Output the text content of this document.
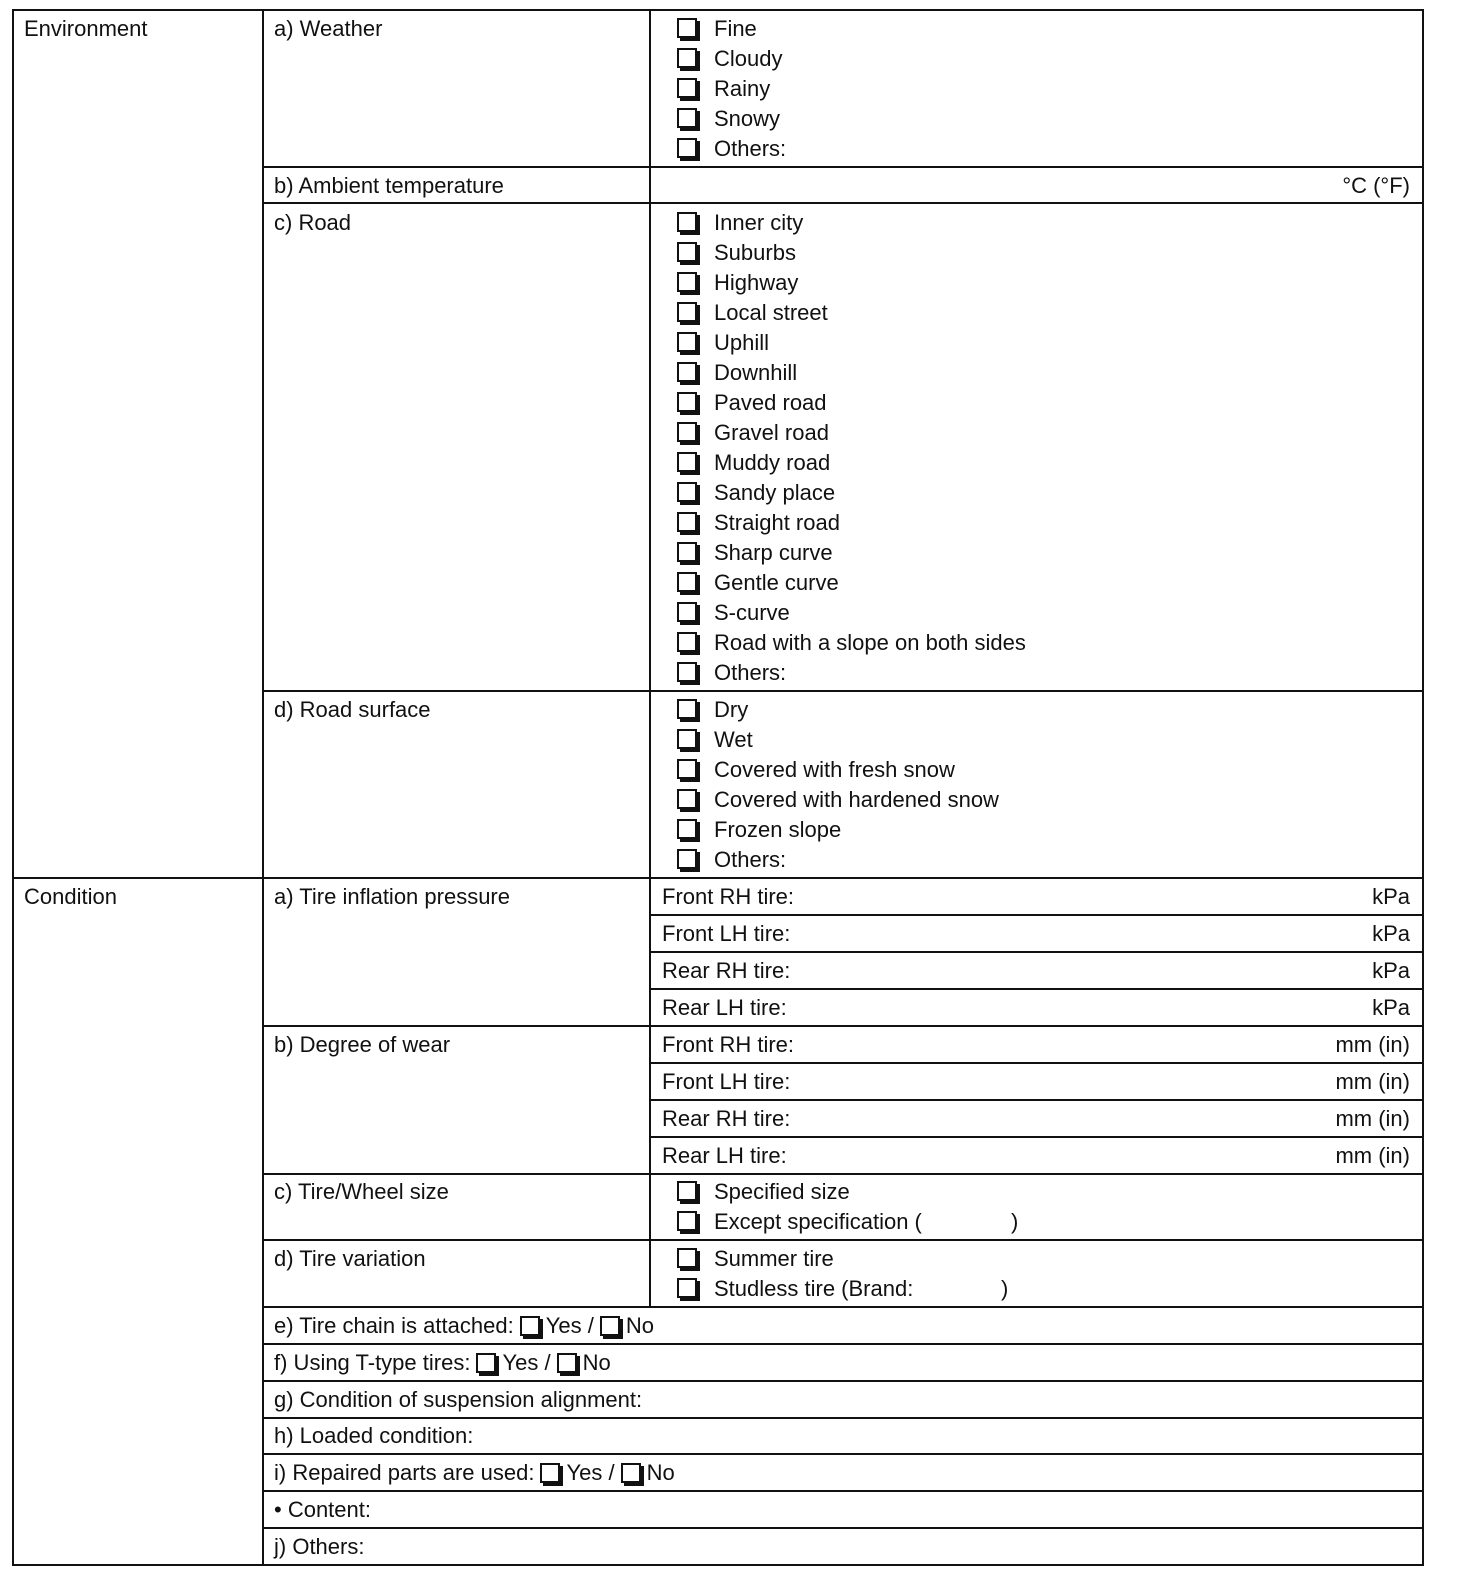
Environment	a) Weather	Fine
Cloudy
Rainy
Snowy
Others:
b) Ambient temperature	°C (°F)
c) Road	Inner city
Suburbs
Highway
Local street
Uphill
Downhill
Paved road
Gravel road
Muddy road
Sandy place
Straight road
Sharp curve
Gentle curve
S-curve
Road with a slope on both sides
Others:
d) Road surface	Dry
Wet
Covered with fresh snow
Covered with hardened snow
Frozen slope
Others:
Condition	a) Tire inflation pressure	Front RH tire:	kPa
Front LH tire:	kPa
Rear RH tire:	kPa
Rear LH tire:	kPa
b) Degree of wear	Front RH tire:	mm (in)
Front LH tire:	mm (in)
Rear RH tire:	mm (in)
Rear LH tire:	mm (in)
c) Tire/Wheel size	Specified size
Except specification (	)
d) Tire variation	Summer tire
Studless tire (Brand:	)
e) Tire chain is attached: Yes / No
f) Using T-type tires: Yes / No
g) Condition of suspension alignment:
h) Loaded condition:
i) Repaired parts are used: Yes / No
• Content:
j) Others:
